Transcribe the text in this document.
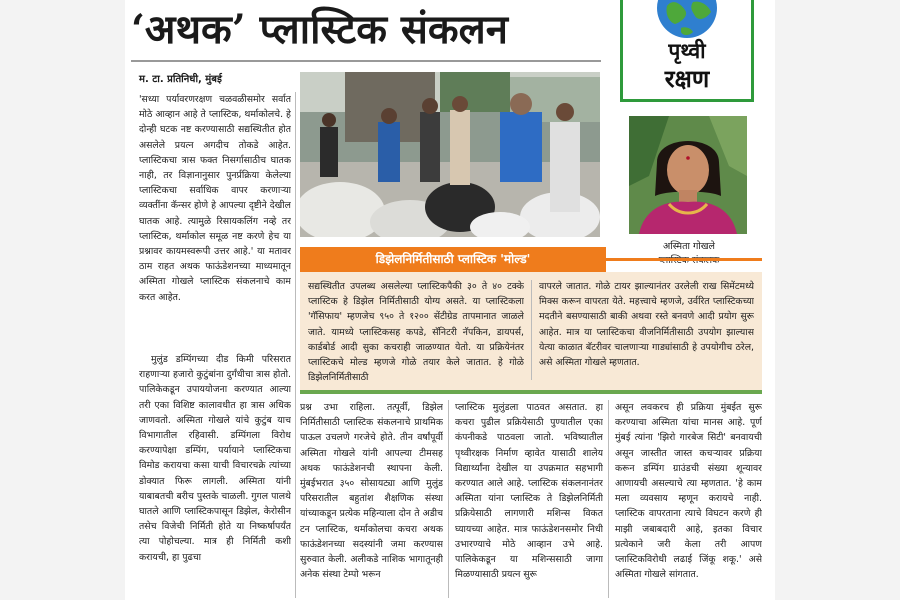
‘अथक’ प्लास्टिक संकलन
म. टा. प्रतिनिधी, मुंबई
पृथ्वी
रक्षण

'सध्या पर्यावरणरक्षण चळवळीसमोर सर्वात मोठे आव्हान आहे ते प्लास्टिक, थर्माकोलचे. हे दोन्ही घटक नष्ट करण्यासाठी सद्यस्थितीत होत असलेले प्रयत्न अगदीच तोकडे आहेत. प्लास्टिकचा त्रास फक्त निसर्गासाठीच घातक नाही, तर विज्ञानानुसार पुनर्प्रक्रिया केलेल्या प्लास्टिकचा सर्वाधिक वापर करणाऱ्या व्यक्तींना कॅन्सर होणे हे आपल्या दृष्टीने देखील घातक आहे. त्यामुळे रिसायकलिंग नव्हे तर प्लास्टिक, थर्माकोल समूळ नष्ट करणे हेच या प्रश्नावर कायमस्वरूपी उत्तर आहे.' या मतावर ठाम राहत अथक फाऊंडेशनच्या माध्यमातून अस्मिता गोखले प्लास्टिक संकलनाचे काम करत आहेत.

अस्मिता गोखले
डिझेलनिर्मितीसाठी प्लास्टिक 'मोल्ड'

सद्यस्थितीत उपलब्ध असलेल्या प्लास्टिकपैकी ३० ते ४० टक्के प्लास्टिक हे डिझेल निर्मितीसाठी योग्य असते. या प्लास्टिकला 'गॅसिफाय' म्हणजेच ९५० ते १२०० सेंटीग्रेड तापमानात जाळले जाते. यामध्ये प्लास्टिकसह कपडे, सॅनिटरी नॅपकिन, डायपर्स, कार्डबोर्ड आदी सुका कचराही जाळण्यात येतो. या प्रक्रियेनंतर प्लास्टिकचे मोल्ड म्हणजे गोळे तयार केले जातात. हे गोळे डिझेलनिर्मितीसाठी

वापरले जातात. गोळे टायर झाल्यानंतर उरलेली राख सिमेंटमध्ये मिक्स करून वापरता येते. महत्त्वाचे म्हणजे, उर्वरित प्लास्टिकच्या मदतीने बसण्यासाठी बाकी अथवा रस्ते बनवणे आदी प्रयोग सुरू आहेत. मात्र या प्लास्टिकचा वीजनिर्मितीसाठी उपयोग झाल्यास येत्या काळात बॅटरीवर चालणाऱ्या गाड्यांसाठी हे उपयोगीच ठरेल, असे अस्मिता गोखले म्हणतात.

मुलुंड डम्पिंगच्या दीड किमी परिसरात राहणाऱ्या हजारो कुटुंबांना दुर्गंधीचा त्रास होतो. पालिकेकडून उपाययोजना करण्यात आल्या तरी एका विशिष्ट कालावधीत हा त्रास अधिक जाणवतो. अस्मिता गोखले यांचे कुटुंब याच विभागातील रहिवासी. डम्पिंगला विरोध करण्यापेक्षा डम्पिंग, पर्यायाने प्लास्टिकचा विमोड करायचा कसा याची विचारचक्रे त्यांच्या डोक्यात फिरू लागली. अस्मिता यांनी याबाबतची बरीच पुस्तके चाळली. गुगल पालथे घातले आणि प्लास्टिकपासून डिझेल, केरोसीन तसेच विजेची निर्मिती होते या निष्कर्षापर्यंत त्या पोहोचल्या. मात्र ही निर्मिती कशी करायची, हा पुढचा

प्रश्न उभा राहिला. तत्पूर्वी, डिझेल निर्मितीसाठी प्लास्टिक संकलनाचे प्राथमिक पाऊल उचलणे गरजेचे होते. तीन वर्षांपूर्वी अस्मिता गोखले यांनी आपल्या टीमसह अथक फाऊंडेशनची स्थापना केली. मुंबईभरात ३५० सोसायट्या आणि मुलुंड परिसरातील बहुतांश शैक्षणिक संस्था यांच्याकडून प्रत्येक महिन्याला दोन ते अडीच टन प्लास्टिक, थर्माकोलचा कचरा अथक फाऊंडेशनच्या सदस्यांनी जमा करण्यास सुरुवात केली. अलीकडे नाशिक भागातूनही अनेक संस्था टेम्पो भरून

प्लास्टिक मुलुंडला पाठवत असतात. हा कचरा पुढील प्रक्रियेसाठी पुण्यातील एका कंपनीकडे पाठवला जातो. भविष्यातील पृथ्वीरक्षक निर्माण व्हावेत यासाठी शालेय विद्यार्थ्यांना देखील या उपक्रमात सहभागी करण्यात आले आहे. प्लास्टिक संकलनानंतर अस्मिता यांना प्लास्टिक ते डिझेलनिर्मिती प्रक्रियेसाठी लागणारी मशिन्स विकत घ्यायच्या आहेत. मात्र फाऊंडेशनसमोर निधी उभारण्याचे मोठे आव्हान उभे आहे. पालिकेकडून या मशिन्ससाठी जागा मिळण्यासाठी प्रयत्न सुरू

असून लवकरच ही प्रक्रिया मुंबईत सुरू करण्याचा अस्मिता यांचा मानस आहे. पूर्ण मुंबई त्यांना 'झिरो गारबेज सिटी' बनवायची असून जास्तीत जास्त कचऱ्यावर प्रक्रिया करून डम्पिंग ग्राउंडची संख्या शून्यावर आणायची असल्याचे त्या म्हणतात. 'हे काम मला व्यवसाय म्हणून करायचे नाही. प्लास्टिक वापरताना त्याचे विघटन करणे ही माझी जबाबदारी आहे, इतका विचार प्रत्येकाने जरी केला तरी आपण प्लास्टिकविरोधी लढाई जिंकू शकू.' असे अस्मिता गोखले सांगतात.
